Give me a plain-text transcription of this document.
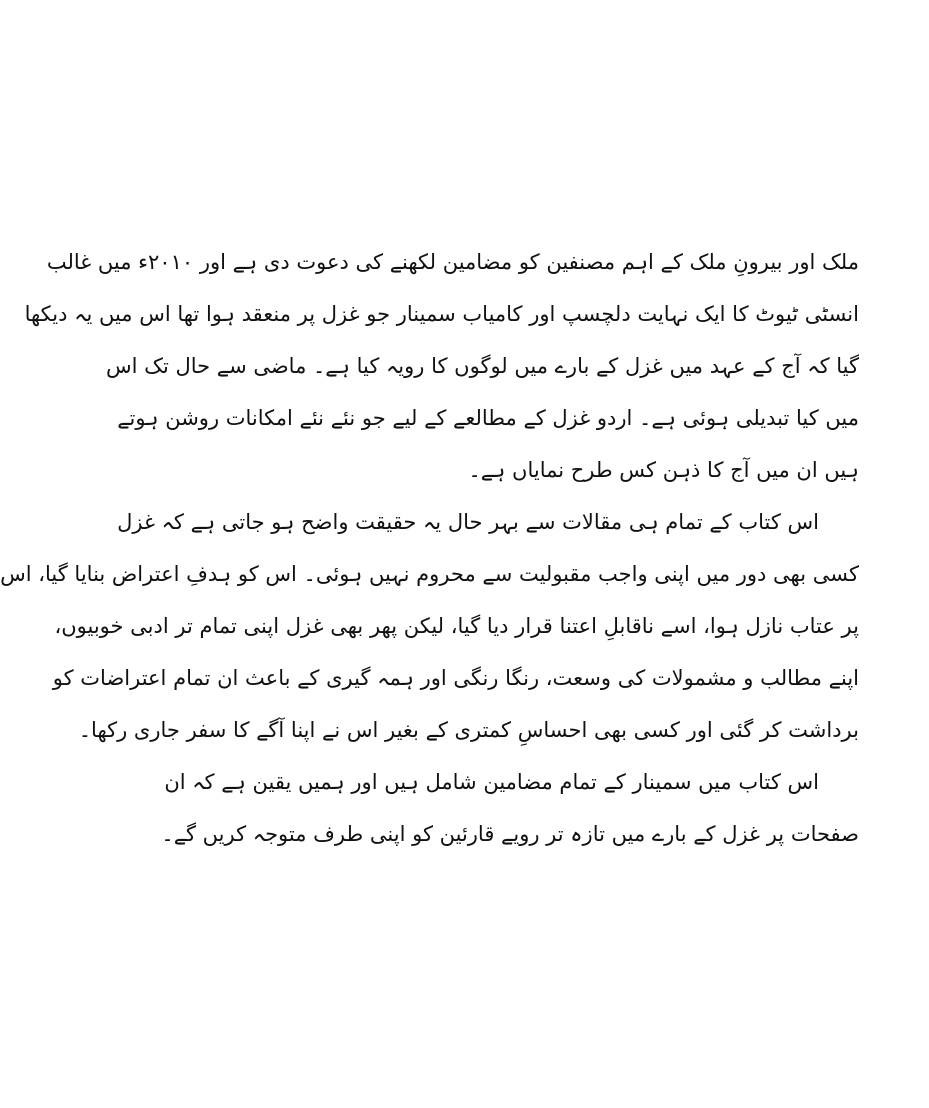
ملک اور بیرونِ ملک کے اہم مصنفین کو مضامین لکھنے کی دعوت دی ہے اور ۲۰۱۰ء میں غالب
انسٹی ٹیوٹ کا ایک نہایت دلچسپ اور کامیاب سمینار جو غزل پر منعقد ہوا تھا اس میں یہ دیکھا
گیا کہ آج کے عہد میں غزل کے بارے میں لوگوں کا رویہ کیا ہے۔ ماضی سے حال تک اس
میں کیا تبدیلی ہوئی ہے۔ اردو غزل کے مطالعے کے لیے جو نئے نئے امکانات روشن ہوتے
ہیں ان میں آج کا ذہن کس طرح نمایاں ہے۔
اس کتاب کے تمام ہی مقالات سے بہر حال یہ حقیقت واضح ہو جاتی ہے کہ غزل
کسی بھی دور میں اپنی واجب مقبولیت سے محروم نہیں ہوئی۔ اس کو ہدفِ اعتراض بنایا گیا، اس
پر عتاب نازل ہوا، اسے ناقابلِ اعتنا قرار دیا گیا، لیکن پھر بھی غزل اپنی تمام تر ادبی خوبیوں،
اپنے مطالب و مشمولات کی وسعت، رنگا رنگی اور ہمہ گیری کے باعث ان تمام اعتراضات کو
برداشت کر گئی اور کسی بھی احساسِ کمتری کے بغیر اس نے اپنا آگے کا سفر جاری رکھا۔
اس کتاب میں سمینار کے تمام مضامین شامل ہیں اور ہمیں یقین ہے کہ ان
صفحات پر غزل کے بارے میں تازہ تر رویے قارئین کو اپنی طرف متوجہ کریں گے۔
